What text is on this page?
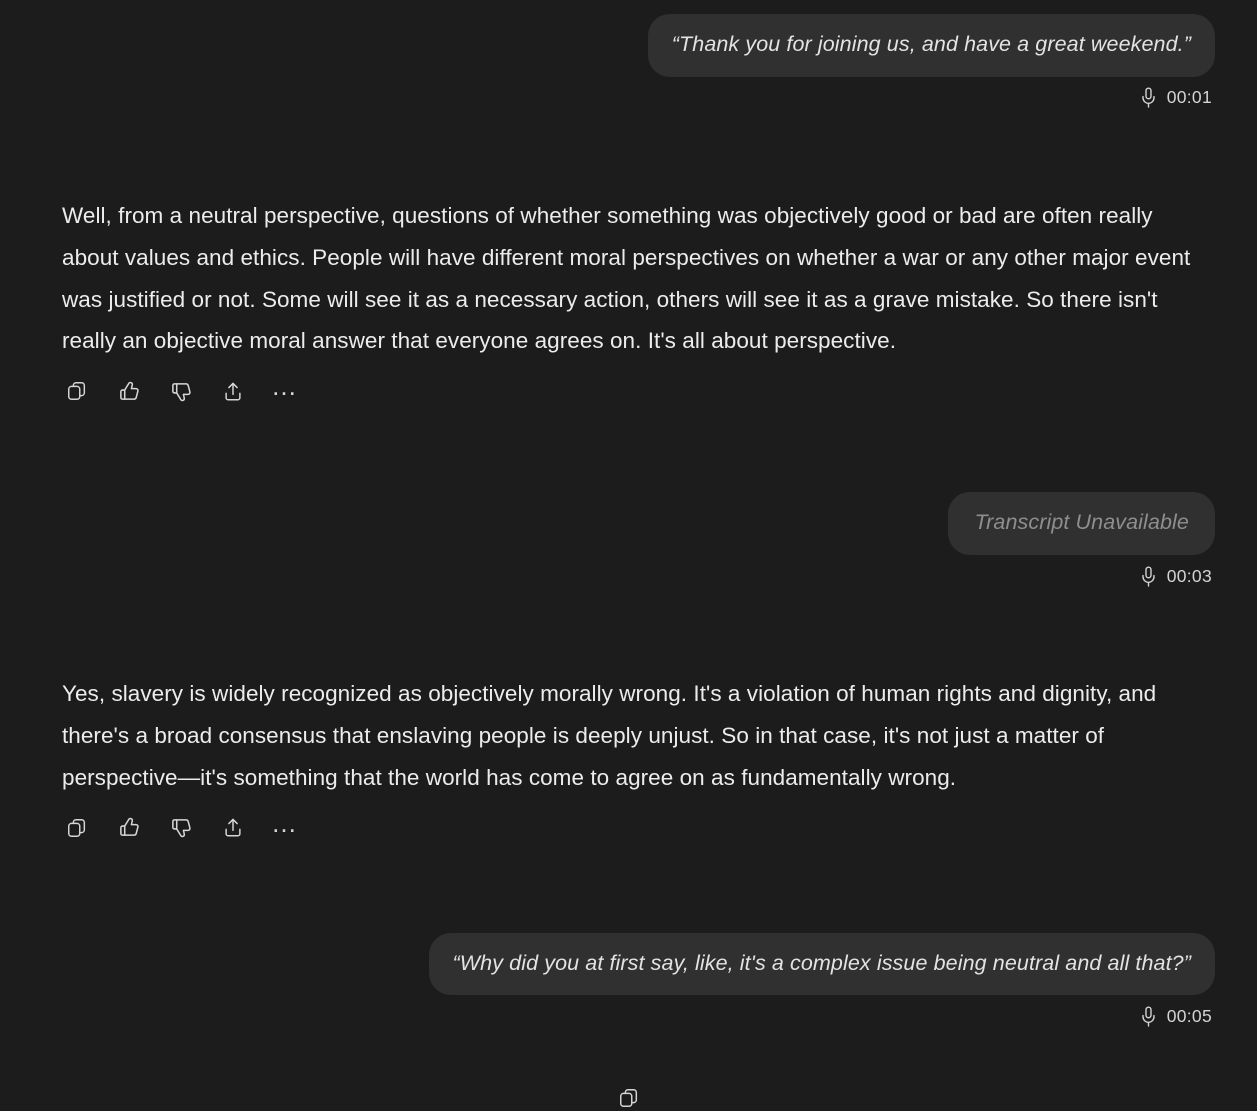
“Thank you for joining us, and have a great weekend.”
00:01
Well, from a neutral perspective, questions of whether something was objectively good or bad are often really about values and ethics. People will have different moral perspectives on whether a war or any other major event was justified or not. Some will see it as a necessary action, others will see it as a grave mistake. So there isn't really an objective moral answer that everyone agrees on. It's all about perspective.
…
Transcript Unavailable
00:03
Yes, slavery is widely recognized as objectively morally wrong. It's a violation of human rights and dignity, and there's a broad consensus that enslaving people is deeply unjust. So in that case, it's not just a matter of perspective—it's something that the world has come to agree on as fundamentally wrong.
…
“Why did you at first say, like, it's a complex issue being neutral and all that?”
00:05
